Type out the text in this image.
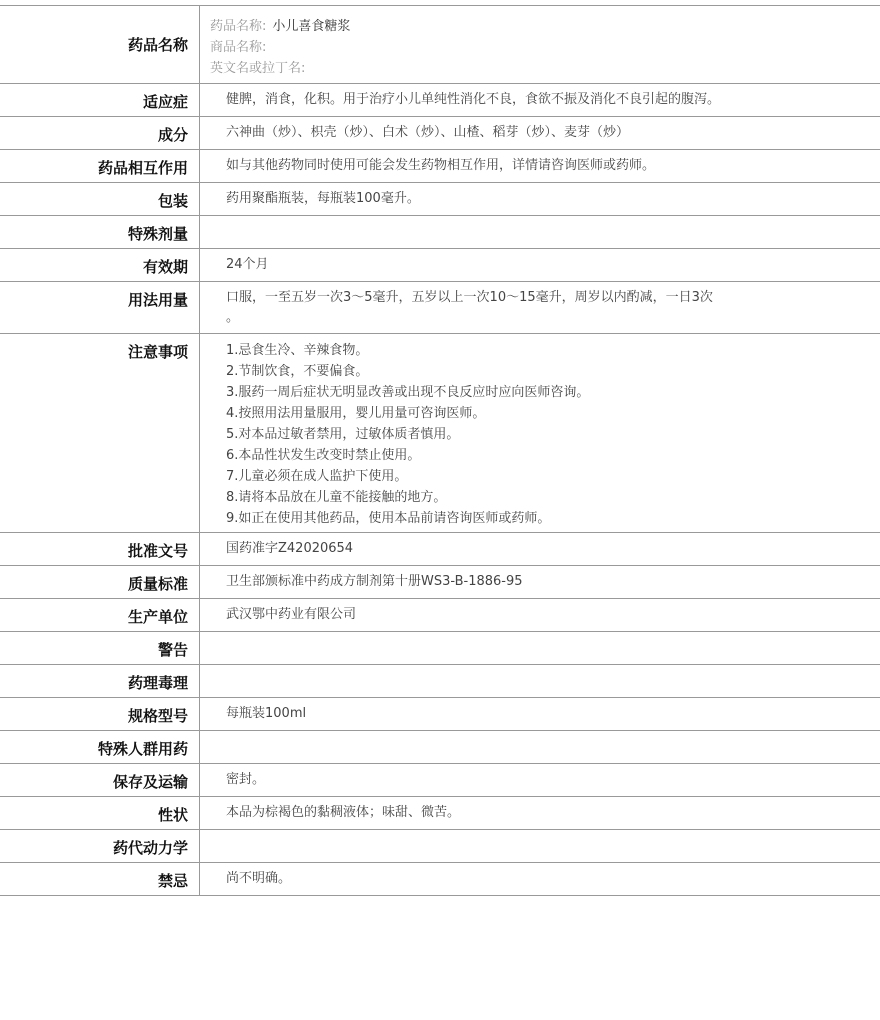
药品名称
药品名称: 小儿喜食糖浆
商品名称:
英文名或拉丁名:
适应症	健脾，消食，化积。用于治疗小儿单纯性消化不良，食欲不振及消化不良引起的腹泻。
成分	六神曲（炒）、枳壳（炒）、白术（炒）、山楂、稻芽（炒）、麦芽（炒）
药品相互作用	如与其他药物同时使用可能会发生药物相互作用，详情请咨询医师或药师。
包装	药用聚酯瓶装，每瓶装100毫升。
特殊剂量
有效期	24个月
用法用量	口服，一至五岁一次3～5毫升，五岁以上一次10～15毫升，周岁以内酌减，一日3次
。
注意事项	1.忌食生冷、辛辣食物。
2.节制饮食，不要偏食。
3.服药一周后症状无明显改善或出现不良反应时应向医师咨询。
4.按照用法用量服用，婴儿用量可咨询医师。
5.对本品过敏者禁用，过敏体质者慎用。
6.本品性状发生改变时禁止使用。
7.儿童必须在成人监护下使用。
8.请将本品放在儿童不能接触的地方。
9.如正在使用其他药品，使用本品前请咨询医师或药师。
批准文号	国药准字Z42020654
质量标准	卫生部颁标准中药成方制剂第十册WS3-B-1886-95
生产单位	武汉鄂中药业有限公司
警告
药理毒理
规格型号	每瓶装100ml
特殊人群用药
保存及运输	密封。
性状	本品为棕褐色的黏稠液体；味甜、微苦。
药代动力学
禁忌	尚不明确。
